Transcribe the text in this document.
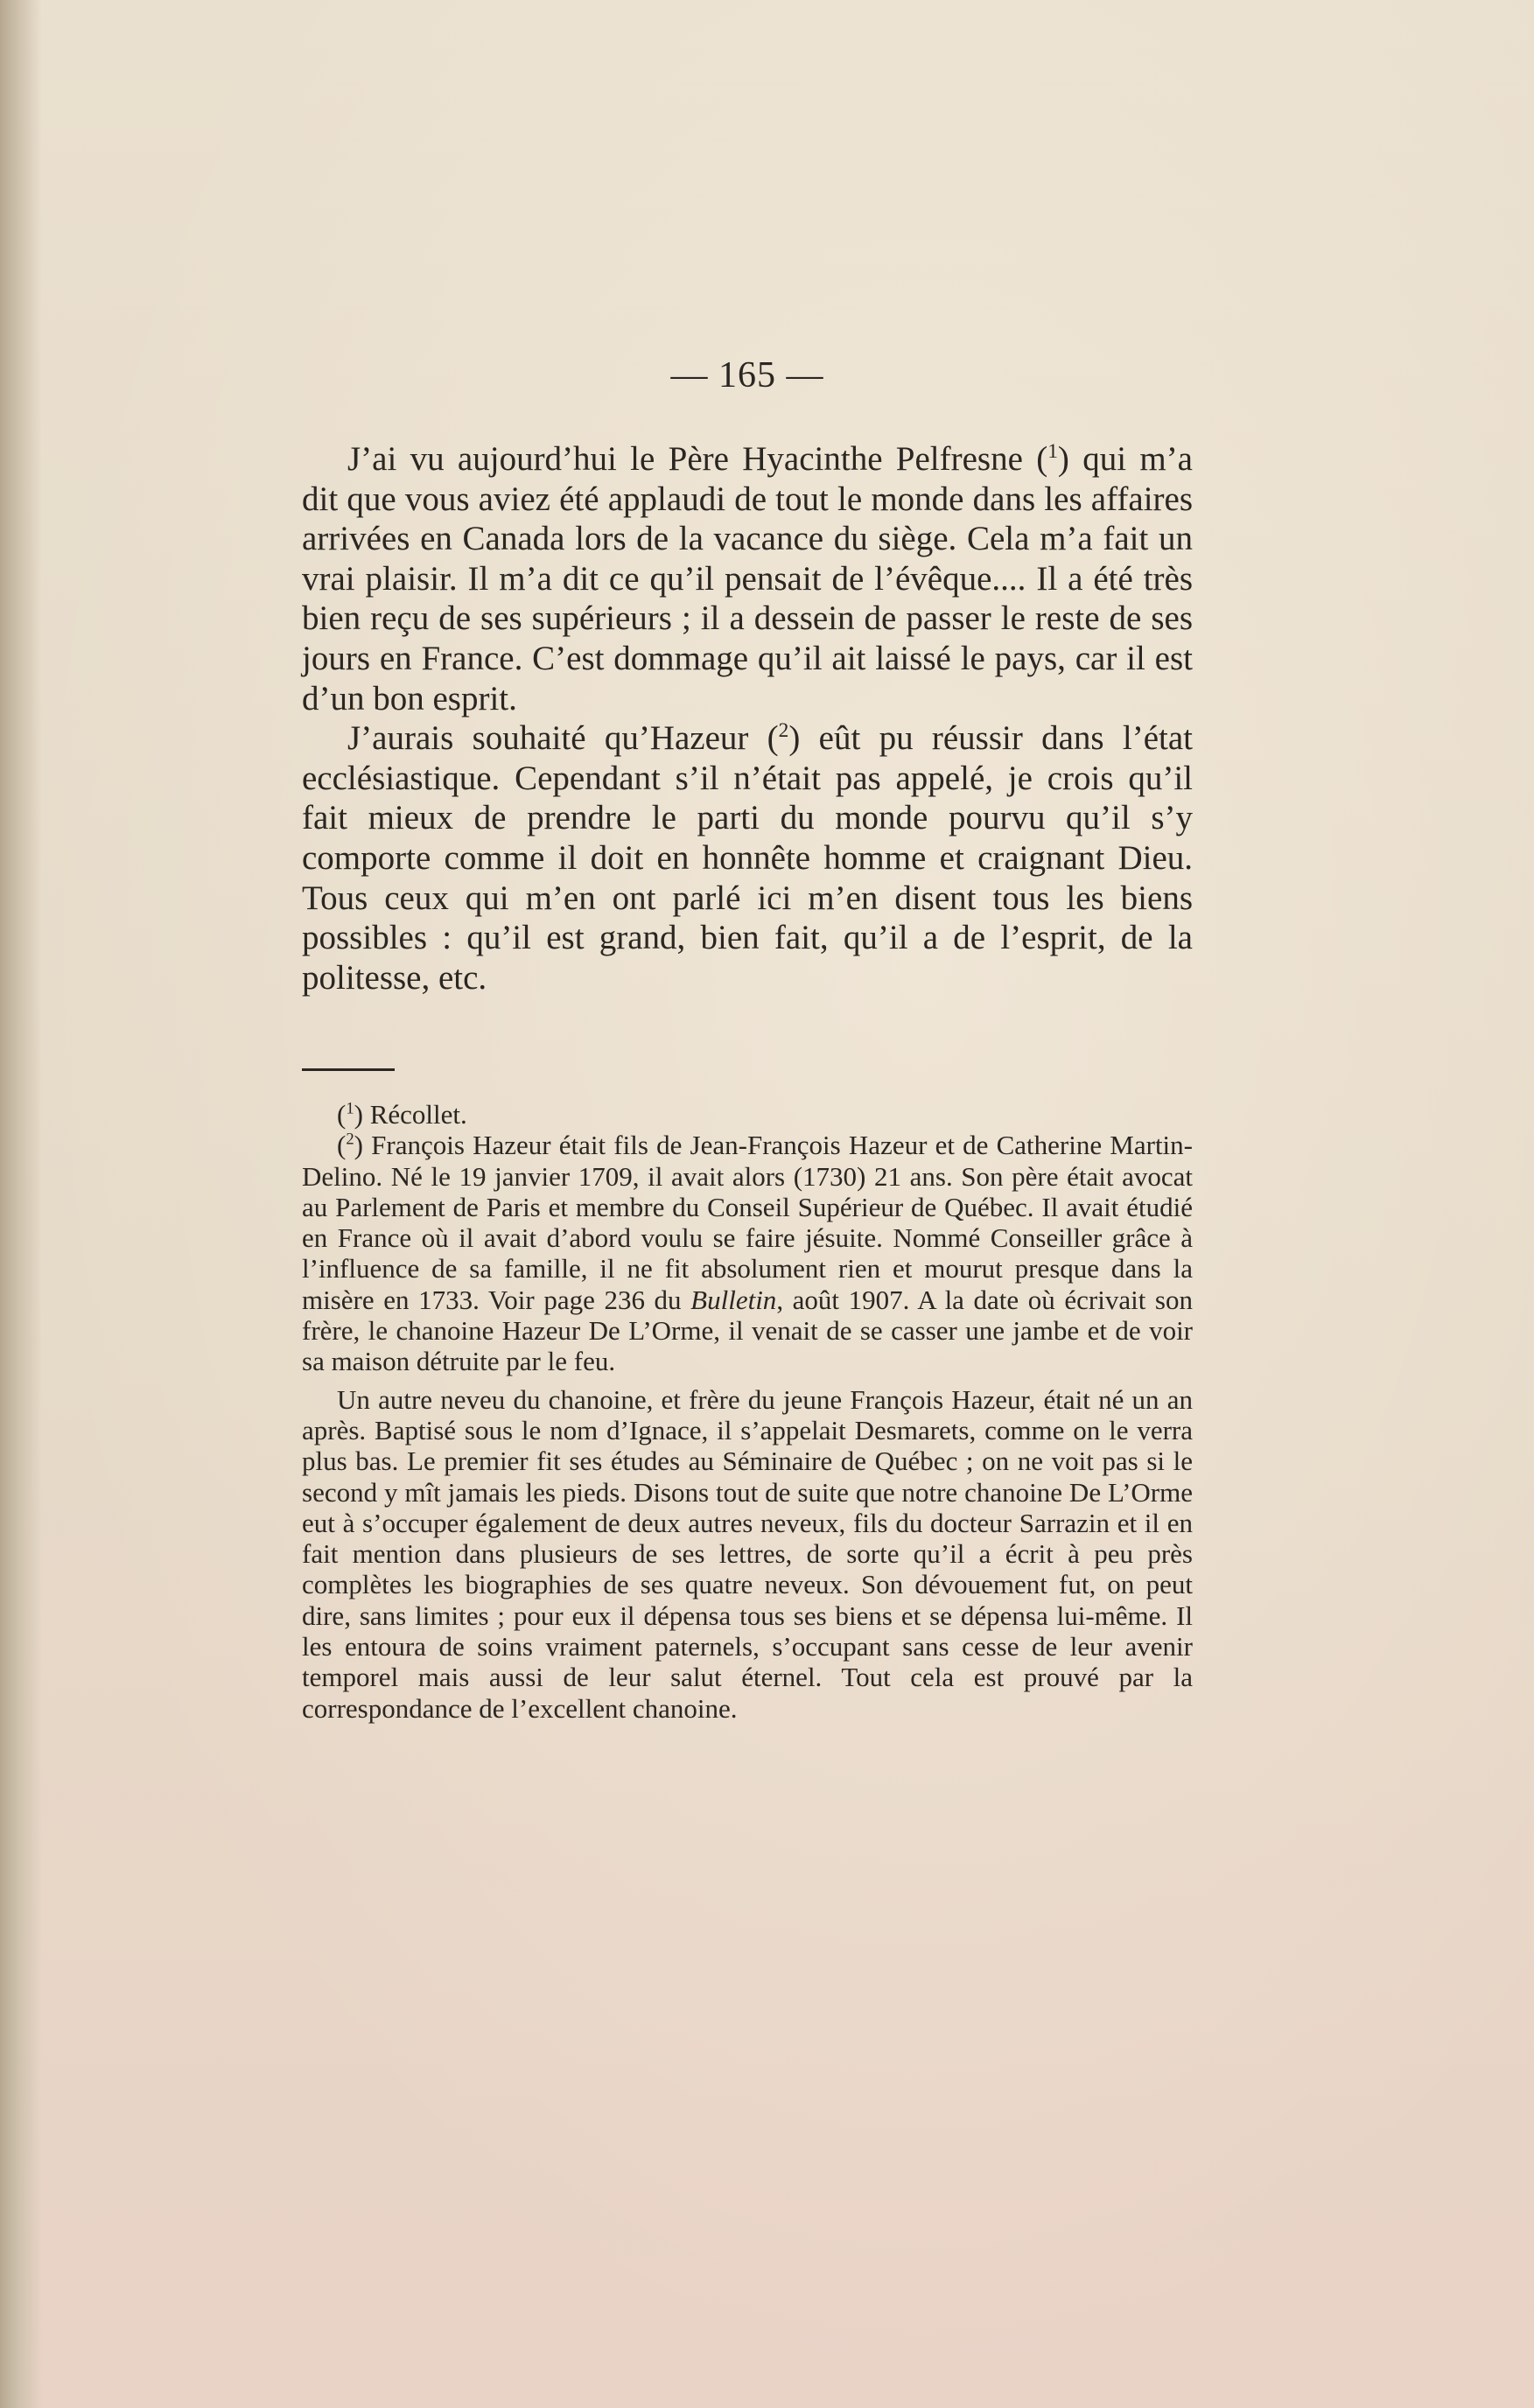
— 165 —

J’ai vu aujourd’hui le Père Hyacinthe Pelfresne ($^1$) qui m’a dit que vous aviez été applaudi de tout le monde dans les affaires arrivées en Canada lors de la vacance du siège. Cela m’a fait un vrai plaisir. Il m’a dit ce qu’il pensait de l’évêque.... Il a été très bien reçu de ses supérieurs ; il a dessein de passer le reste de ses jours en France. C’est dommage qu’il ait laissé le pays, car il est d’un bon esprit.

J’aurais souhaité qu’Hazeur ($^2$) eût pu réussir dans l’état ecclésiastique. Cependant s’il n’était pas appelé, je crois qu’il fait mieux de prendre le parti du monde pourvu qu’il s’y comporte comme il doit en honnête homme et craignant Dieu. Tous ceux qui m’en ont parlé ici m’en disent tous les biens possibles : qu’il est grand, bien fait, qu’il a de l’esprit, de la politesse, etc.

($^1$) Récollet.

($^2$) François Hazeur était fils de Jean-François Hazeur et de Catherine Martin-Delino. Né le 19 janvier 1709, il avait alors (1730) 21 ans. Son père était avocat au Parlement de Paris et membre du Conseil Supérieur de Québec. Il avait étudié en France où il avait d’abord voulu se faire jésuite. Nommé Conseiller grâce à l’influence de sa famille, il ne fit absolument rien et mourut presque dans la misère en 1733. Voir page 236 du Bulletin, août 1907. A la date où écrivait son frère, le chanoine Hazeur De L’Orme, il venait de se casser une jambe et de voir sa maison détruite par le feu.

Un autre neveu du chanoine, et frère du jeune François Hazeur, était né un an après. Baptisé sous le nom d’Ignace, il s’appelait Desmarets, comme on le verra plus bas. Le premier fit ses études au Séminaire de Québec ; on ne voit pas si le second y mît jamais les pieds. Disons tout de suite que notre chanoine De L’Orme eut à s’occuper également de deux autres neveux, fils du docteur Sarrazin et il en fait mention dans plusieurs de ses lettres, de sorte qu’il a écrit à peu près complètes les biographies de ses quatre neveux. Son dévouement fut, on peut dire, sans limites ; pour eux il dépensa tous ses biens et se dépensa lui-même. Il les entoura de soins vraiment paternels, s’occupant sans cesse de leur avenir temporel mais aussi de leur salut éternel. Tout cela est prouvé par la correspondance de l’excellent chanoine.
